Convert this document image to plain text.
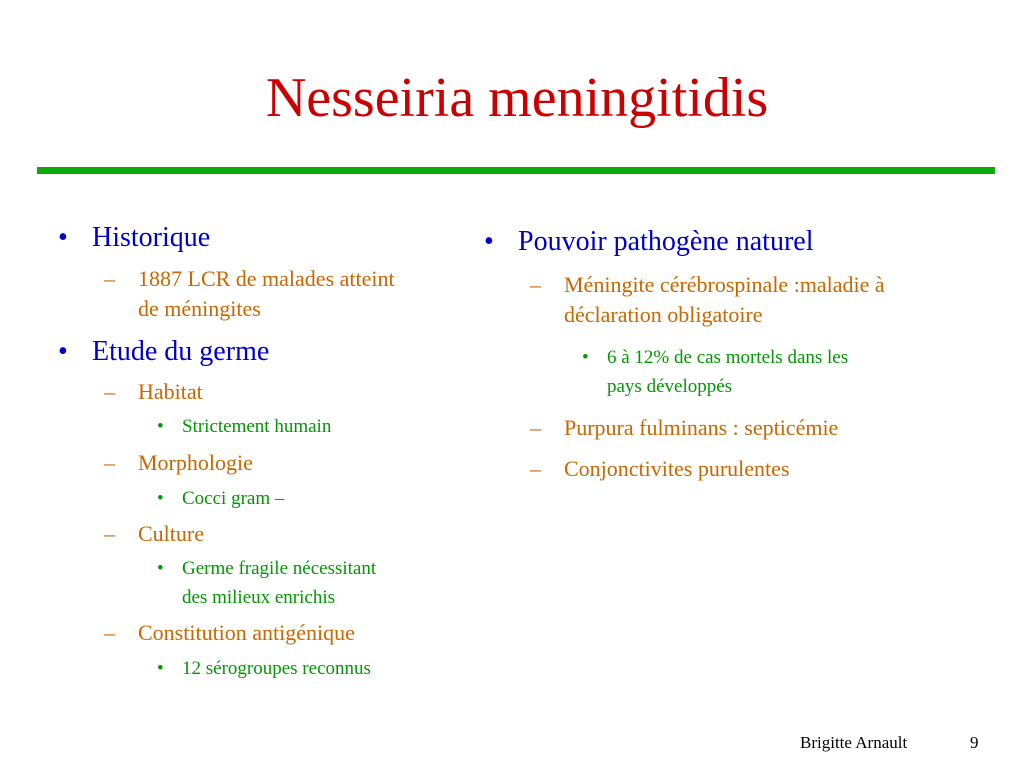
Nesseiria meningitidis
• Historique
– 1887 LCR de malades atteint
de méningites
• Etude du germe
– Habitat
• Strictement humain
– Morphologie
• Cocci gram –
– Culture
• Germe fragile nécessitant
des milieux enrichis
– Constitution antigénique
• 12 sérogroupes reconnus
• Pouvoir pathogène naturel
– Méningite cérébrospinale :maladie à
déclaration obligatoire
• 6 à 12% de cas mortels dans les
pays développés
– Purpura fulminans : septicémie
– Conjonctivites purulentes
Brigitte Arnault	9
